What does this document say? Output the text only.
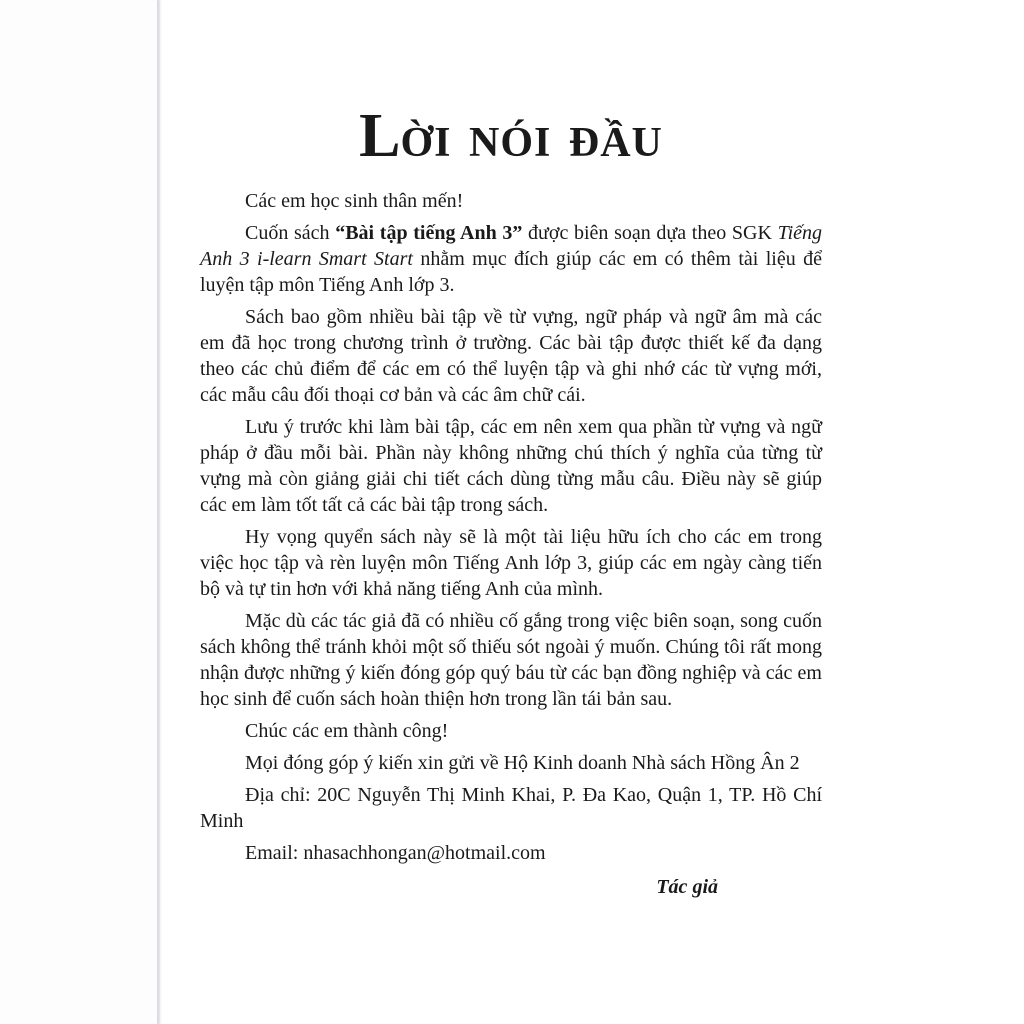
LỜI NÓI ĐẦU

Các em học sinh thân mến!

Cuốn sách “Bài tập tiếng Anh 3” được biên soạn dựa theo SGK Tiếng Anh 3 i-learn Smart Start nhằm mục đích giúp các em có thêm tài liệu để luyện tập môn Tiếng Anh lớp 3.

Sách bao gồm nhiều bài tập về từ vựng, ngữ pháp và ngữ âm mà các em đã học trong chương trình ở trường. Các bài tập được thiết kế đa dạng theo các chủ điểm để các em có thể luyện tập và ghi nhớ các từ vựng mới, các mẫu câu đối thoại cơ bản và các âm chữ cái.

Lưu ý trước khi làm bài tập, các em nên xem qua phần từ vựng và ngữ pháp ở đầu mỗi bài. Phần này không những chú thích ý nghĩa của từng từ vựng mà còn giảng giải chi tiết cách dùng từng mẫu câu. Điều này sẽ giúp các em làm tốt tất cả các bài tập trong sách.

Hy vọng quyển sách này sẽ là một tài liệu hữu ích cho các em trong việc học tập và rèn luyện môn Tiếng Anh lớp 3, giúp các em ngày càng tiến bộ và tự tin hơn với khả năng tiếng Anh của mình.

Mặc dù các tác giả đã có nhiều cố gắng trong việc biên soạn, song cuốn sách không thể tránh khỏi một số thiếu sót ngoài ý muốn. Chúng tôi rất mong nhận được những ý kiến đóng góp quý báu từ các bạn đồng nghiệp và các em học sinh để cuốn sách hoàn thiện hơn trong lần tái bản sau.

Chúc các em thành công!

Mọi đóng góp ý kiến xin gửi về Hộ Kinh doanh Nhà sách Hồng Ân 2

Địa chỉ: 20C Nguyễn Thị Minh Khai, P. Đa Kao, Quận 1, TP. Hồ Chí Minh

Email: nhasachhongan@hotmail.com

Tác giả
